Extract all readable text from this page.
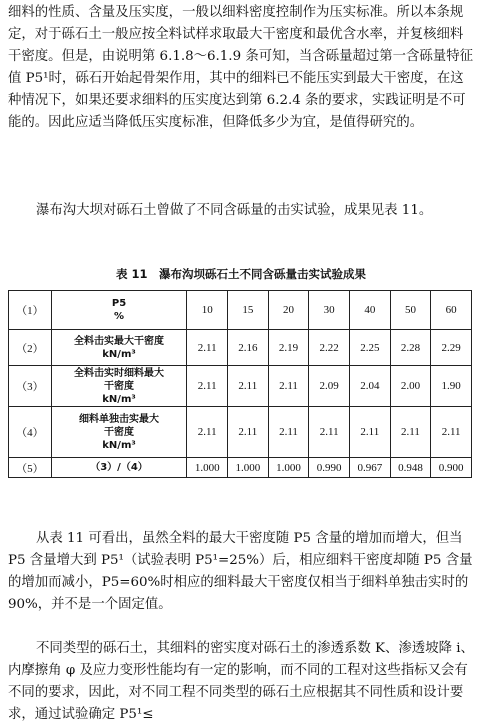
细料的性质、含量及压实度，一般以细料密度控制作为压实标准。所以本条规定，对于砾石土一般应按全料试样求取最大干密度和最优含水率，并复核细料干密度。但是，由说明第 6.1.8～6.1.9 条可知，当含砾量超过第一含砾量特征值 P5¹时，砾石开始起骨架作用，其中的细料已不能压实到最大干密度，在这种情况下，如果还要求细料的压实度达到第 6.2.4 条的要求，实践证明是不可能的。因此应适当降低压实度标准，但降低多少为宜，是值得研究的。

瀑布沟大坝对砾石土曾做了不同含砾量的击实试验，成果见表 11。

表 11　瀑布沟坝砾石土不同含砾量击实试验成果
（1）	P5
%	10	15	20	30	40	50	60
（2）	全料击实最大干密度
kN/m³	2.11	2.16	2.19	2.22	2.25	2.28	2.29
（3）	全料击实时细料最大
干密度
kN/m³	2.11	2.11	2.11	2.09	2.04	2.00	1.90
（4）	细料单独击实最大
干密度
kN/m³	2.11	2.11	2.11	2.11	2.11	2.11	2.11
（5）	（3）/（4）	1.000	1.000	1.000	0.990	0.967	0.948	0.900

从表 11 可看出，虽然全料的最大干密度随 P5 含量的增加而增大，但当 P5 含量增大到 P5¹（试验表明 P5¹=25%）后，相应细料干密度却随 P5 含量的增加而减小，P5=60%时相应的细料最大干密度仅相当于细料单独击实时的 90%，并不是一个固定值。

不同类型的砾石土，其细料的密实度对砾石土的渗透系数 K、渗透坡降 i、内摩擦角 φ 及应力变形性能均有一定的影响，而不同的工程对这些指标又会有不同的要求，因此，对不同工程不同类型的砾石土应根据其不同性质和设计要求，通过试验确定 P5¹≤
